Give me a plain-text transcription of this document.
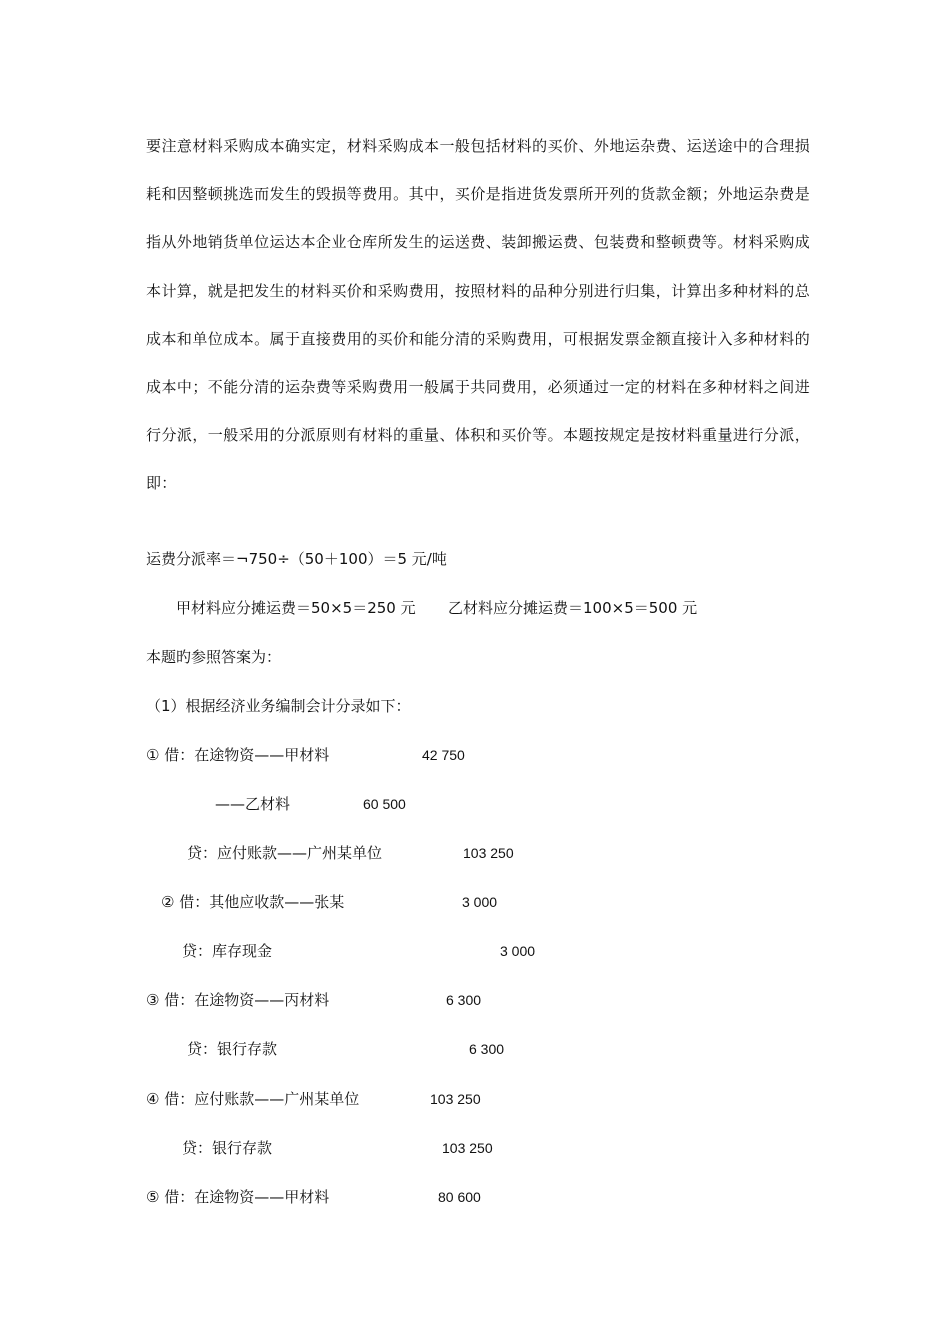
要注意材料采购成本确实定，材料采购成本一般包括材料的买价、外地运杂费、运送途中的合理损耗和因整顿挑选而发生的毁损等费用。其中，买价是指进货发票所开列的货款金额；外地运杂费是指从外地销货单位运达本企业仓库所发生的运送费、装卸搬运费、包装费和整顿费等。材料采购成本计算，就是把发生的材料买价和采购费用，按照材料的品种分别进行归集，计算出多种材料的总成本和单位成本。属于直接费用的买价和能分清的采购费用，可根据发票金额直接计入多种材料的成本中；不能分清的运杂费等采购费用一般属于共同费用，必须通过一定的材料在多种材料之间进行分派，一般采用的分派原则有材料的重量、体积和买价等。本题按规定是按材料重量进行分派，即：

运费分派率＝¬750÷（50＋100）＝5 元/吨
甲材料应分摊运费＝50×5＝250 元 乙材料应分摊运费＝100×5＝500 元
本题旳参照答案为：
（1）根据经济业务编制会计分录如下：
① 借：在途物资——甲材料	42 750
——乙材料	60 500
贷：应付账款——广州某单位	103 250
② 借：其他应收款——张某	3 000
贷：库存现金	3 000
③ 借：在途物资——丙材料	6 300
贷：银行存款	6 300
④ 借：应付账款——广州某单位	103 250
贷：银行存款	103 250
⑤ 借：在途物资——甲材料	80 600
